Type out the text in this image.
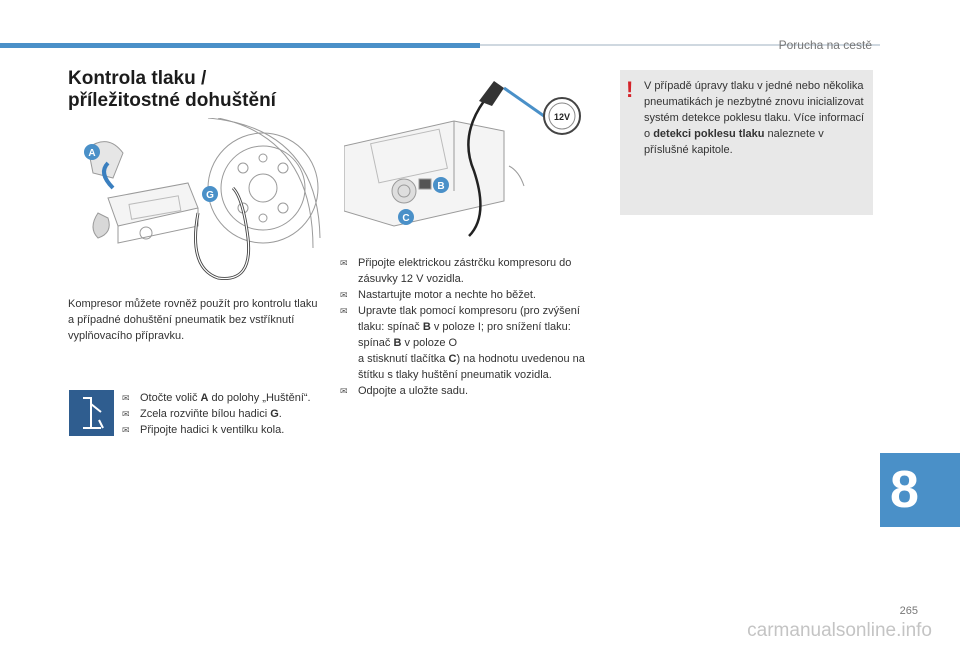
Porucha na cestě
Kontrola tlaku /
příležitostné dohuštění
A
G
12V
B
C

Kompresor můžete rovněž použít pro kontrolu tlaku a případné dohuštění pneumatik bez vstříknutí vyplňovacího přípravku.

✉ Otočte volič A do polohy „Huštění“.
✉ Zcela rozviňte bílou hadici G.
✉ Připojte hadici k ventilku kola.
✉ Připojte elektrickou zástrčku kompresoru do zásuvky 12 V vozidla.
✉ Nastartujte motor a nechte ho běžet.
✉ Upravte tlak pomocí kompresoru (pro zvýšení tlaku: spínač B v poloze I; pro snížení tlaku: spínač B v poloze O
a stisknutí tlačítka C) na hodnotu uvedenou na štítku s tlaky huštění pneumatik vozidla.
✉ Odpojte a uložte sadu.
! V případě úpravy tlaku v jedné nebo několika pneumatikách je nezbytné znovu inicializovat systém detekce poklesu tlaku. Více informací o detekci poklesu tlaku naleznete v příslušné kapitole.
8
265
carmanualsonline.info
